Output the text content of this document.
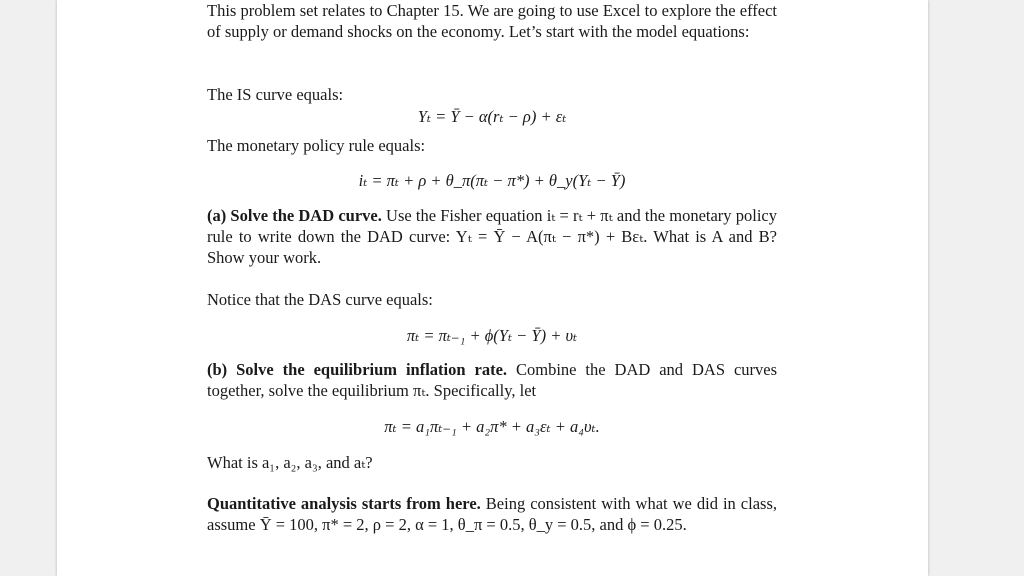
This problem set relates to Chapter 15. We are going to use Excel to explore the effect of supply or demand shocks on the economy. Let’s start with the model equations:
The IS curve equals:
Yₜ = Ȳ − α(rₜ − ρ) + εₜ
The monetary policy rule equals:
iₜ = πₜ + ρ + θ_π(πₜ − π*) + θ_y(Yₜ − Ȳ)
(a) Solve the DAD curve. Use the Fisher equation iₜ = rₜ + πₜ and the monetary policy rule to write down the DAD curve: Yₜ = Ȳ − A(πₜ − π*) + Bεₜ. What is A and B? Show your work.
Notice that the DAS curve equals:
πₜ = πₜ₋₁ + ϕ(Yₜ − Ȳ) + υₜ
(b) Solve the equilibrium inflation rate. Combine the DAD and DAS curves together, solve the equilibrium πₜ. Specifically, let
πₜ = a₁πₜ₋₁ + a₂π* + a₃εₜ + a₄υₜ.
What is a₁, a₂, a₃, and aₜ?
Quantitative analysis starts from here. Being consistent with what we did in class, assume Ȳ = 100, π* = 2, ρ = 2, α = 1, θ_π = 0.5, θ_y = 0.5, and ϕ = 0.25.
